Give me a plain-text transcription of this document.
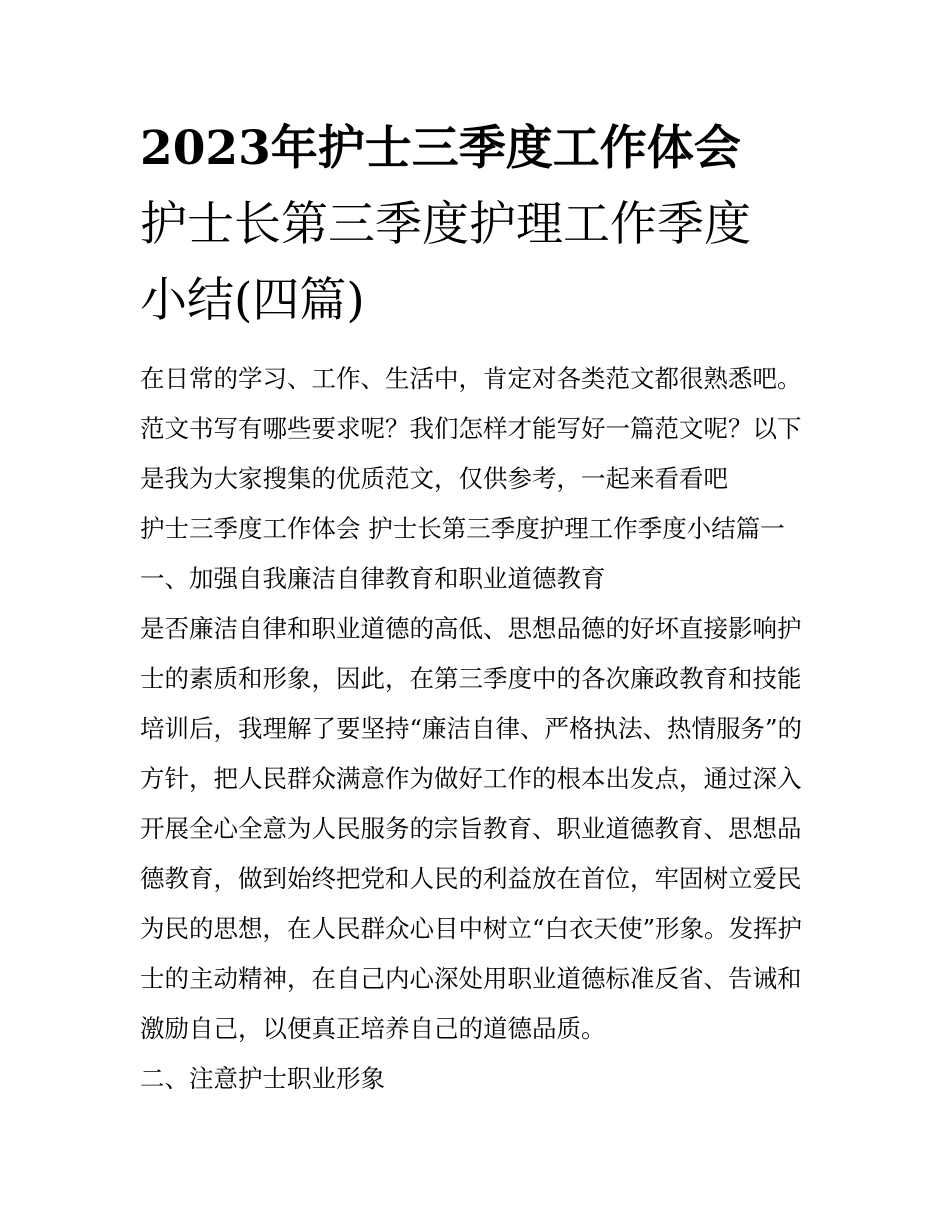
2023年护士三季度工作体会
护士长第三季度护理工作季度
小结(四篇)
在日常的学习、工作、生活中，肯定对各类范文都很熟悉吧。
范文书写有哪些要求呢？我们怎样才能写好一篇范文呢？以下
是我为大家搜集的优质范文，仅供参考，一起来看看吧
护士三季度工作体会 护士长第三季度护理工作季度小结篇一
一、加强自我廉洁自律教育和职业道德教育
是否廉洁自律和职业道德的高低、思想品德的好坏直接影响护
士的素质和形象，因此，在第三季度中的各次廉政教育和技能
培训后，我理解了要坚持“廉洁自律、严格执法、热情服务”的
方针，把人民群众满意作为做好工作的根本出发点，通过深入
开展全心全意为人民服务的宗旨教育、职业道德教育、思想品
德教育，做到始终把党和人民的利益放在首位，牢固树立爱民
为民的思想，在人民群众心目中树立“白衣天使”形象。发挥护
士的主动精神，在自己内心深处用职业道德标准反省、告诫和
激励自己，以便真正培养自己的道德品质。
二、注意护士职业形象
